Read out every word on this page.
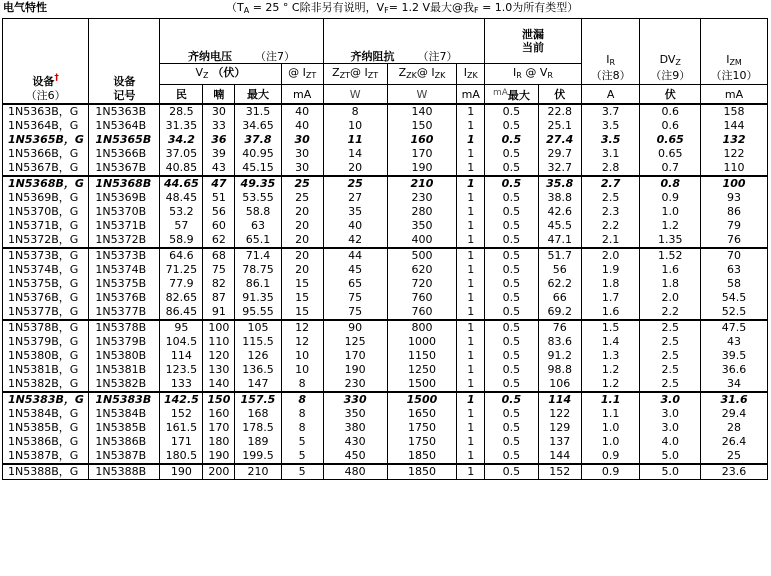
电气特性	（$T_A = 25$ ° C除非另有说明，$V_F= 1.2$ V最大@我$_F$ = 1.0为所有类型）
		齐纳电压 （注7）				齐纳阻抗 （注7）			泄漏
当前		$I_R$
（注8）	$DV_Z$
（注9）	$I_{ZM}$
（注10）
设备†
（注6）	设备
记号	$V_Z$ （伏）			@ $I_{ZT}$	$Z_{ZT}@$ $I_{ZT}$	$Z_{ZK}@$ $I_{ZK}$	$I_{ZK}$	$I_R$ @ $V_R$
		民	喃	最大	mA	W	W	mA	$^{mA}$最大	伏	A	伏	mA
1N5363B，G	1N5363B	28.5	30	31.5	40	8	140	1	0.5	22.8	3.7	0.6	158
1N5364B，G	1N5364B	31.35	33	34.65	40	10	150	1	0.5	25.1	3.5	0.6	144
1N5365B，G	1N5365B	34.2	36	37.8	30	11	160	1	0.5	27.4	3.5	0.65	132
1N5366B，G	1N5366B	37.05	39	40.95	30	14	170	1	0.5	29.7	3.1	0.65	122
1N5367B，G	1N5367B	40.85	43	45.15	30	20	190	1	0.5	32.7	2.8	0.7	110
1N5368B，G	1N5368B	44.65	47	49.35	25	25	210	1	0.5	35.8	2.7	0.8	100
1N5369B，G	1N5369B	48.45	51	53.55	25	27	230	1	0.5	38.8	2.5	0.9	93
1N5370B，G	1N5370B	53.2	56	58.8	20	35	280	1	0.5	42.6	2.3	1.0	86
1N5371B，G	1N5371B	57	60	63	20	40	350	1	0.5	45.5	2.2	1.2	79
1N5372B，G	1N5372B	58.9	62	65.1	20	42	400	1	0.5	47.1	2.1	1.35	76
1N5373B，G	1N5373B	64.6	68	71.4	20	44	500	1	0.5	51.7	2.0	1.52	70
1N5374B，G	1N5374B	71.25	75	78.75	20	45	620	1	0.5	56	1.9	1.6	63
1N5375B，G	1N5375B	77.9	82	86.1	15	65	720	1	0.5	62.2	1.8	1.8	58
1N5376B，G	1N5376B	82.65	87	91.35	15	75	760	1	0.5	66	1.7	2.0	54.5
1N5377B，G	1N5377B	86.45	91	95.55	15	75	760	1	0.5	69.2	1.6	2.2	52.5
1N5378B，G	1N5378B	95	100	105	12	90	800	1	0.5	76	1.5	2.5	47.5
1N5379B，G	1N5379B	104.5	110	115.5	12	125	1000	1	0.5	83.6	1.4	2.5	43
1N5380B，G	1N5380B	114	120	126	10	170	1150	1	0.5	91.2	1.3	2.5	39.5
1N5381B，G	1N5381B	123.5	130	136.5	10	190	1250	1	0.5	98.8	1.2	2.5	36.6
1N5382B，G	1N5382B	133	140	147	8	230	1500	1	0.5	106	1.2	2.5	34
1N5383B，G	1N5383B	142.5	150	157.5	8	330	1500	1	0.5	114	1.1	3.0	31.6
1N5384B，G	1N5384B	152	160	168	8	350	1650	1	0.5	122	1.1	3.0	29.4
1N5385B，G	1N5385B	161.5	170	178.5	8	380	1750	1	0.5	129	1.0	3.0	28
1N5386B，G	1N5386B	171	180	189	5	430	1750	1	0.5	137	1.0	4.0	26.4
1N5387B，G	1N5387B	180.5	190	199.5	5	450	1850	1	0.5	144	0.9	5.0	25
1N5388B，G	1N5388B	190	200	210	5	480	1850	1	0.5	152	0.9	5.0	23.6
